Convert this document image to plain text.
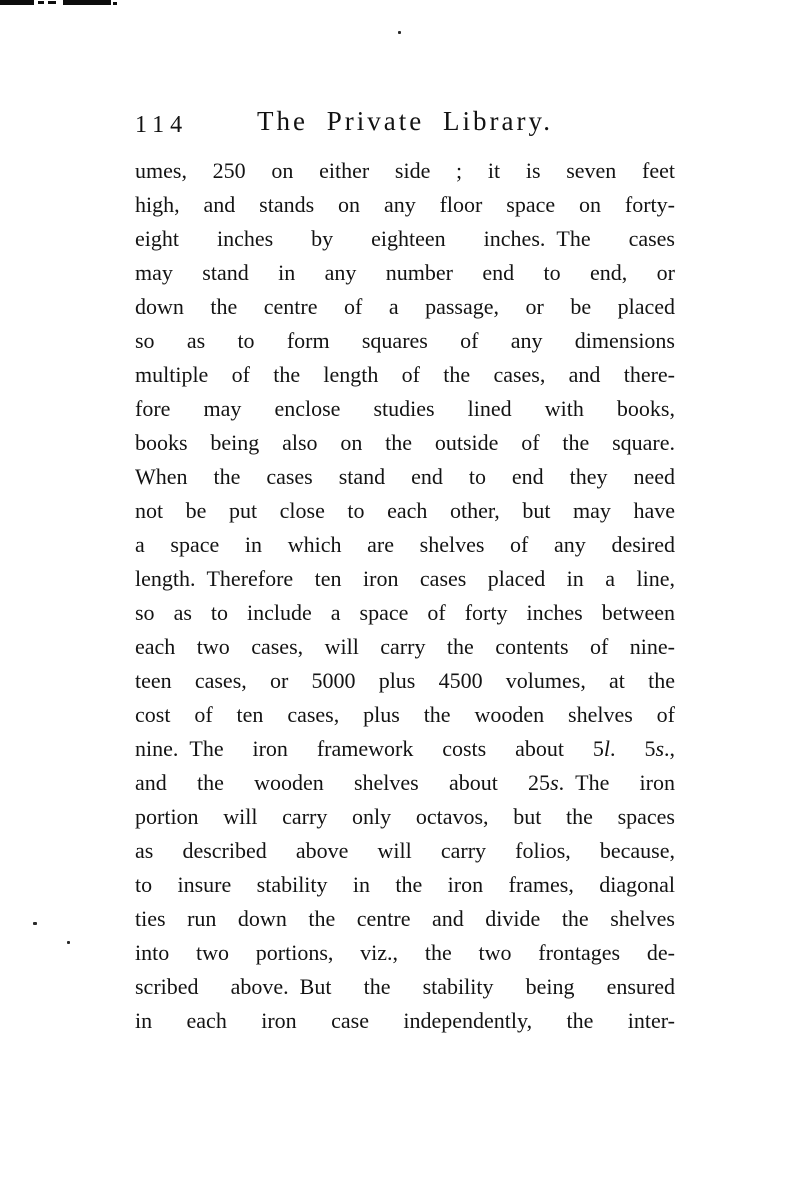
114	The Private Library.
umes, 250 on either side ; it is seven feet
high, and stands on any floor space on forty-
eight inches by eighteen inches. The cases
may stand in any number end to end, or
down the centre of a passage, or be placed
so as to form squares of any dimensions
multiple of the length of the cases, and there-
fore may enclose studies lined with books,
books being also on the outside of the square.
When the cases stand end to end they need
not be put close to each other, but may have
a space in which are shelves of any desired
length. Therefore ten iron cases placed in a line,
so as to include a space of forty inches between
each two cases, will carry the contents of nine-
teen cases, or 5000 plus 4500 volumes, at the
cost of ten cases, plus the wooden shelves of
nine. The iron framework costs about 5l. 5s.,
and the wooden shelves about 25s. The iron
portion will carry only octavos, but the spaces
as described above will carry folios, because,
to insure stability in the iron frames, diagonal
ties run down the centre and divide the shelves
into two portions, viz., the two frontages de-
scribed above. But the stability being ensured
in each iron case independently, the inter-
